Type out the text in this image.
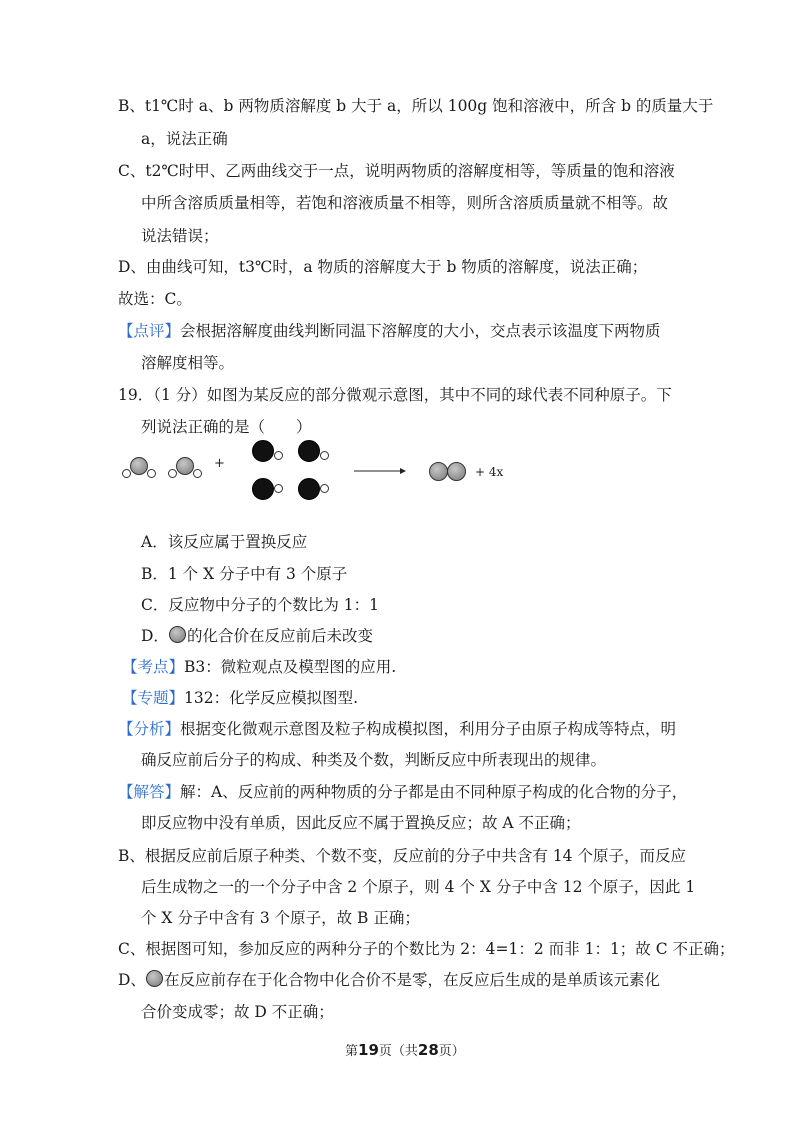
B、t1℃时 a、b 两物质溶解度 b 大于 a，所以 100g 饱和溶液中，所含 b 的质量大于
a，说法正确
C、t2℃时甲、乙两曲线交于一点，说明两物质的溶解度相等，等质量的饱和溶液
中所含溶质质量相等，若饱和溶液质量不相等，则所含溶质质量就不相等。故
说法错误；
D、由曲线可知，t3℃时，a 物质的溶解度大于 b 物质的溶解度，说法正确；
故选：C。
【点评】会根据溶解度曲线判断同温下溶解度的大小，交点表示该温度下两物质
溶解度相等。
19．（1 分）如图为某反应的部分微观示意图，其中不同的球代表不同种原子。下
列说法正确的是（　　）
+
+ 4x
A．该反应属于置换反应
B．1 个 X 分子中有 3 个原子
C．反应物中分子的个数比为 1：1
D． 的化合价在反应前后未改变
【考点】B3：微粒观点及模型图的应用.
【专题】132：化学反应模拟图型.
【分析】根据变化微观示意图及粒子构成模拟图，利用分子由原子构成等特点，明
确反应前后分子的构成、种类及个数，判断反应中所表现出的规律。
【解答】解：A、反应前的两种物质的分子都是由不同种原子构成的化合物的分子，
即反应物中没有单质，因此反应不属于置换反应；故 A 不正确；
B、根据反应前后原子种类、个数不变，反应前的分子中共含有 14 个原子，而反应
后生成物之一的一个分子中含 2 个原子，则 4 个 X 分子中含 12 个原子，因此 1
个 X 分子中含有 3 个原子，故 B 正确；
C、根据图可知，参加反应的两种分子的个数比为 2：4=1：2 而非 1：1；故 C 不正确；
D、 在反应前存在于化合物中化合价不是零，在反应后生成的是单质该元素化
合价变成零；故 D 不正确；
第19页（共28页）
